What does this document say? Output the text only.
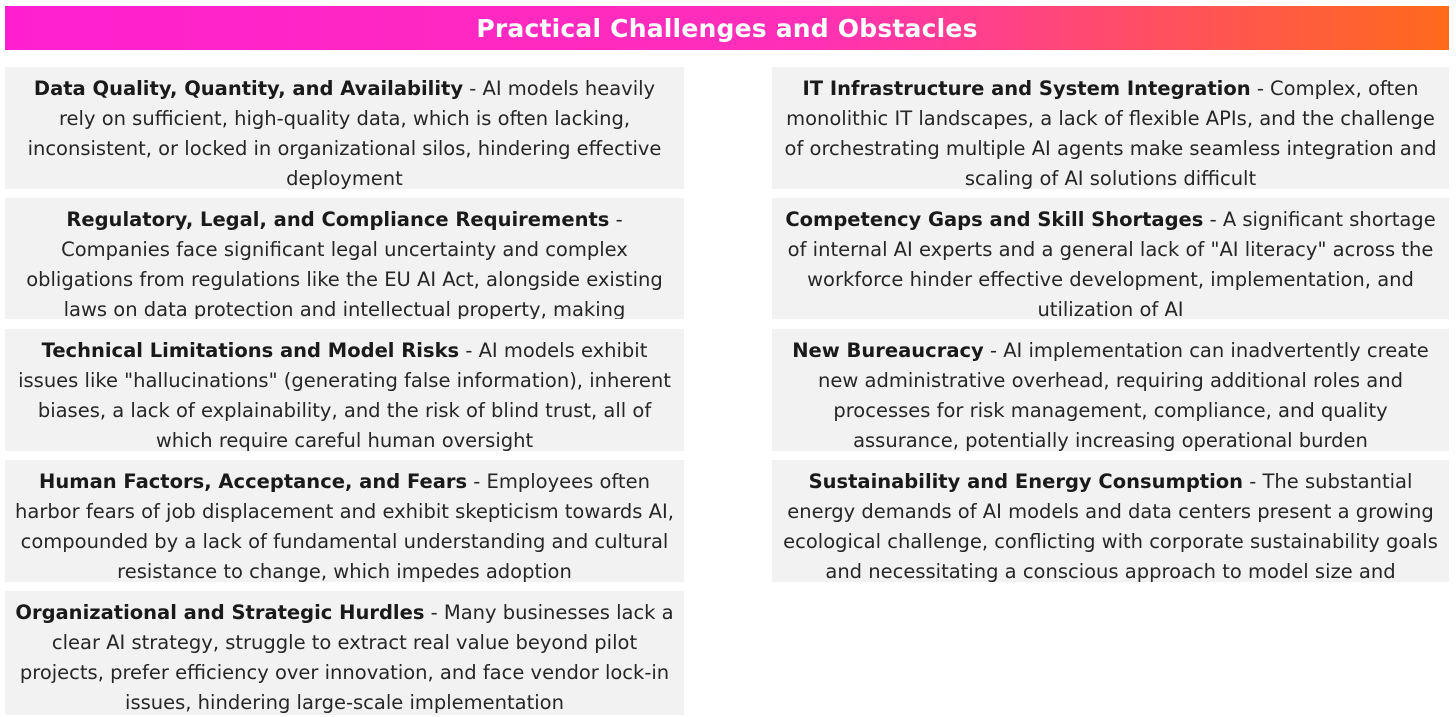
Practical Challenges and Obstacles
Data Quality, Quantity, and Availability - AI models heavily rely on sufficient, high-quality data, which is often lacking, inconsistent, or locked in organizational silos, hindering effective deployment
Regulatory, Legal, and Compliance Requirements - Companies face significant legal uncertainty and complex obligations from regulations like the EU AI Act, alongside existing laws on data protection and intellectual property, making
Technical Limitations and Model Risks - AI models exhibit issues like "hallucinations" (generating false information), inherent biases, a lack of explainability, and the risk of blind trust, all of which require careful human oversight
Human Factors, Acceptance, and Fears - Employees often harbor fears of job displacement and exhibit skepticism towards AI, compounded by a lack of fundamental understanding and cultural resistance to change, which impedes adoption
Organizational and Strategic Hurdles - Many businesses lack a clear AI strategy, struggle to extract real value beyond pilot projects, prefer efficiency over innovation, and face vendor lock-in issues, hindering large-scale implementation
IT Infrastructure and System Integration - Complex, often monolithic IT landscapes, a lack of flexible APIs, and the challenge of orchestrating multiple AI agents make seamless integration and scaling of AI solutions difficult
Competency Gaps and Skill Shortages - A significant shortage of internal AI experts and a general lack of "AI literacy" across the workforce hinder effective development, implementation, and utilization of AI
New Bureaucracy - AI implementation can inadvertently create new administrative overhead, requiring additional roles and processes for risk management, compliance, and quality assurance, potentially increasing operational burden
Sustainability and Energy Consumption - The substantial energy demands of AI models and data centers present a growing ecological challenge, conflicting with corporate sustainability goals and necessitating a conscious approach to model size and
